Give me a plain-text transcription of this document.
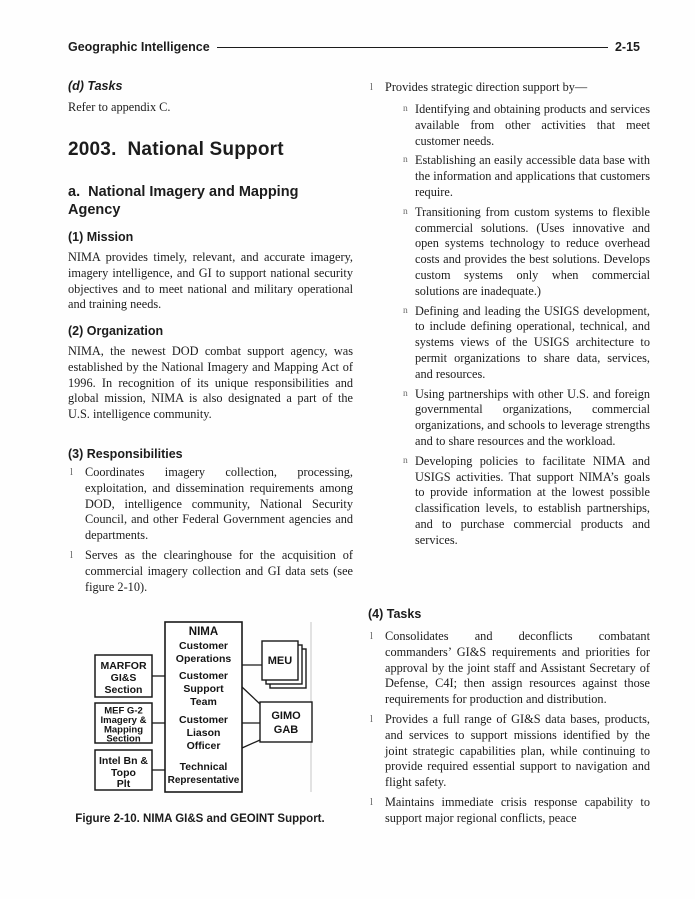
Geographic Intelligence	2-15
(d) Tasks
Refer to appendix C.
2003.  National Support
a.  National Imagery and Mapping Agency
(1) Mission
NIMA provides timely, relevant, and accurate imagery, imagery intelligence, and GI to support national security objectives and to meet national and military operational and training needs.
(2) Organization
NIMA, the newest DOD combat support agency, was established by the National Imagery and Mapping Act of 1996. In recognition of its unique responsibilities and global mission, NIMA is also designated a part of the U.S. intelligence community.
(3) Responsibilities
l Coordinates imagery collection, processing, exploitation, and dissemination requirements among DOD, intelligence community, National Security Council, and other Federal Government agencies and departments.
l Serves as the clearinghouse for the acquisition of commercial imagery collection and GI data sets (see figure 2-10).
MEU
GIMO
GAB
NIMA
Customer
Operations
Customer
Support
Team
Customer
Liason
Officer
Technical
Representative
MARFOR
GI&S
Section
MEF G-2
Imagery &
Mapping
Section
Intel Bn &
Topo
Plt
Figure 2-10. NIMA GI&S and GEOINT Support.
l Provides strategic direction support by—
n Identifying and obtaining products and services available from other activities that meet customer needs.
n Establishing an easily accessible data base with the information and applications that customers require.
n Transitioning from custom systems to flexible commercial solutions. (Uses innovative and open systems technology to reduce overhead costs and provides the best solutions. Develops custom systems only when commercial solutions are inadequate.)
n Defining and leading the USIGS development, to include defining operational, technical, and systems views of the USIGS architecture to permit organizations to share data, services, and resources.
n Using partnerships with other U.S. and foreign governmental organizations, commercial organizations, and schools to leverage strengths and to share resources and the workload.
n Developing policies to facilitate NIMA and USIGS activities. That support NIMA’s goals to provide information at the lowest possible classification levels, to establish partnerships, and to purchase commercial products and services.
(4) Tasks
l Consolidates and deconflicts combatant commanders’ GI&S requirements and priorities for approval by the joint staff and Assistant Secretary of Defense, C4I; then assign resources against those requirements for production and distribution.
l Provides a full range of GI&S data bases, products, and services to support missions identified by the joint strategic capabilities plan, while continuing to provide required essential support to navigation and flight safety.
l Maintains immediate crisis response capability to support major regional conflicts, peace
